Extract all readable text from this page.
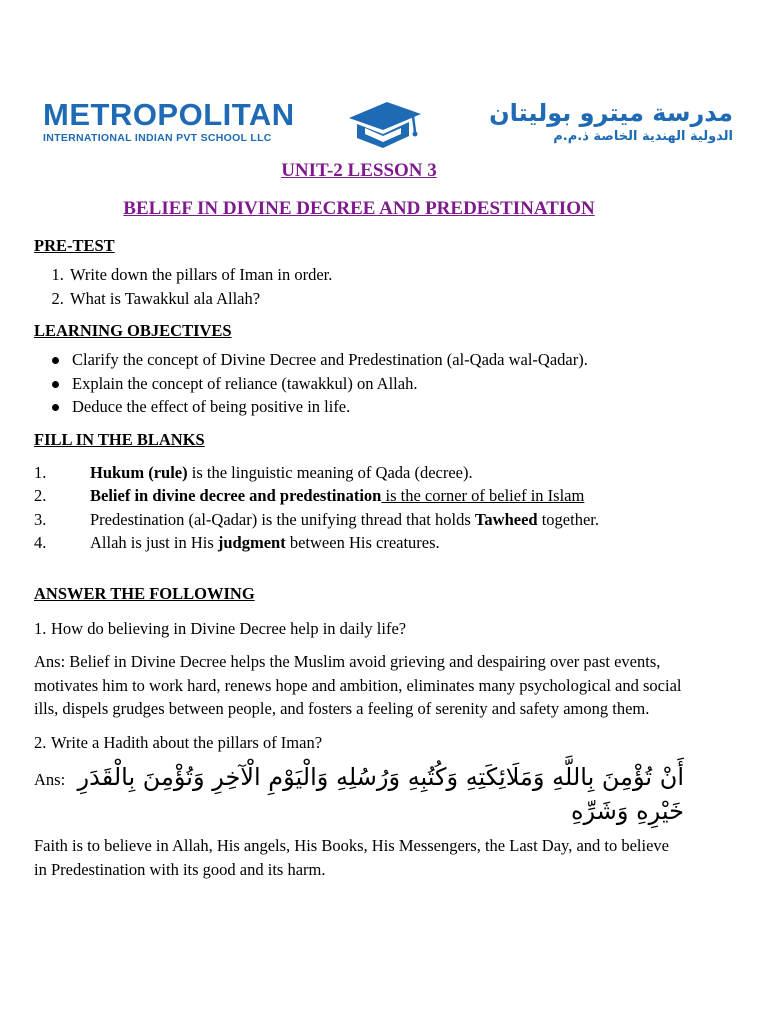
METROPOLITAN
INTERNATIONAL INDIAN PVT SCHOOL LLC
مدرسة ميترو بوليتان
الدولية الهندية الخاصة ذ.م.م
UNIT-2 LESSON 3
BELIEF IN DIVINE DECREE AND PREDESTINATION
PRE-TEST
1. Write down the pillars of Iman in order.
2. What is Tawakkul ala Allah?
LEARNING OBJECTIVES
Clarify the concept of Divine Decree and Predestination (al-Qada wal-Qadar).
Explain the concept of reliance (tawakkul) on Allah.
Deduce the effect of being positive in life.
FILL IN THE BLANKS
1.	Hukum (rule) is the linguistic meaning of Qada (decree).
2.	Belief in divine decree and predestination is the corner of belief in Islam
3.	Predestination (al-Qadar) is the unifying thread that holds Tawheed together.
4.	Allah is just in His judgment between His creatures.
ANSWER THE FOLLOWING
1. How do believing in Divine Decree help in daily life?

Ans: Belief in Divine Decree helps the Muslim avoid grieving and despairing over past events, motivates him to work hard, renews hope and ambition, eliminates many psychological and social ills, dispels grudges between people, and fosters a feeling of serenity and safety among them.

2. Write a Hadith about the pillars of Iman?
Ans: أَنْ تُؤْمِنَ بِاللَّهِ وَمَلَائِكَتِهِ وَكُتُبِهِ وَرُسُلِهِ وَالْيَوْمِ الْآخِرِ وَتُؤْمِنَ بِالْقَدَرِ خَيْرِهِ وَشَرِّهِ

Faith is to believe in Allah, His angels, His Books, His Messengers, the Last Day, and to believe in Predestination with its good and its harm.
